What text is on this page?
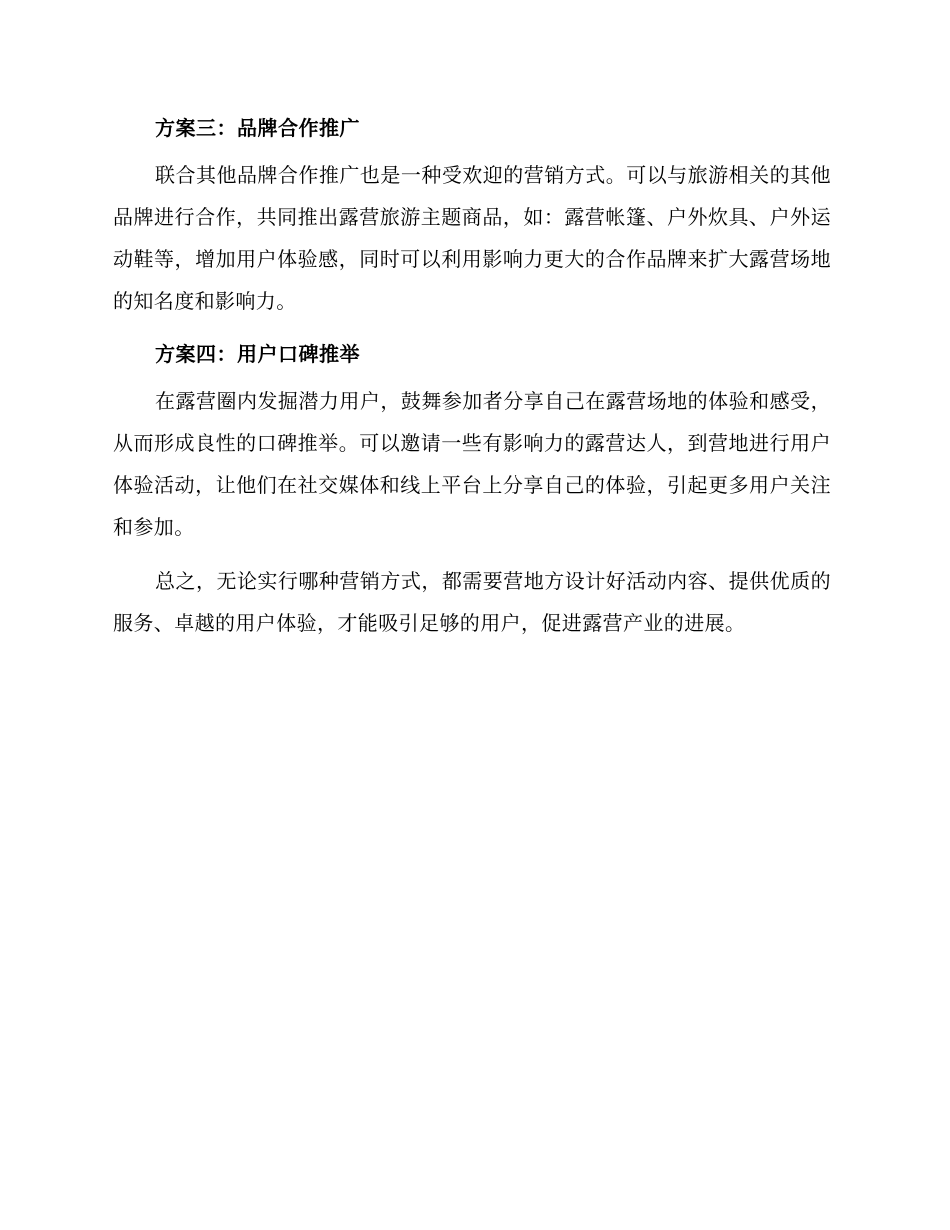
方案三：品牌合作推广

联合其他品牌合作推广也是一种受欢迎的营销方式。可以与旅游相关的其他品牌进行合作，共同推出露营旅游主题商品，如：露营帐篷、户外炊具、户外运动鞋等，增加用户体验感，同时可以利用影响力更大的合作品牌来扩大露营场地的知名度和影响力。

方案四：用户口碑推举

在露营圈内发掘潜力用户，鼓舞参加者分享自己在露营场地的体验和感受，从而形成良性的口碑推举。可以邀请一些有影响力的露营达人，到营地进行用户体验活动，让他们在社交媒体和线上平台上分享自己的体验，引起更多用户关注和参加。

总之，无论实行哪种营销方式，都需要营地方设计好活动内容、提供优质的服务、卓越的用户体验，才能吸引足够的用户，促进露营产业的进展。
